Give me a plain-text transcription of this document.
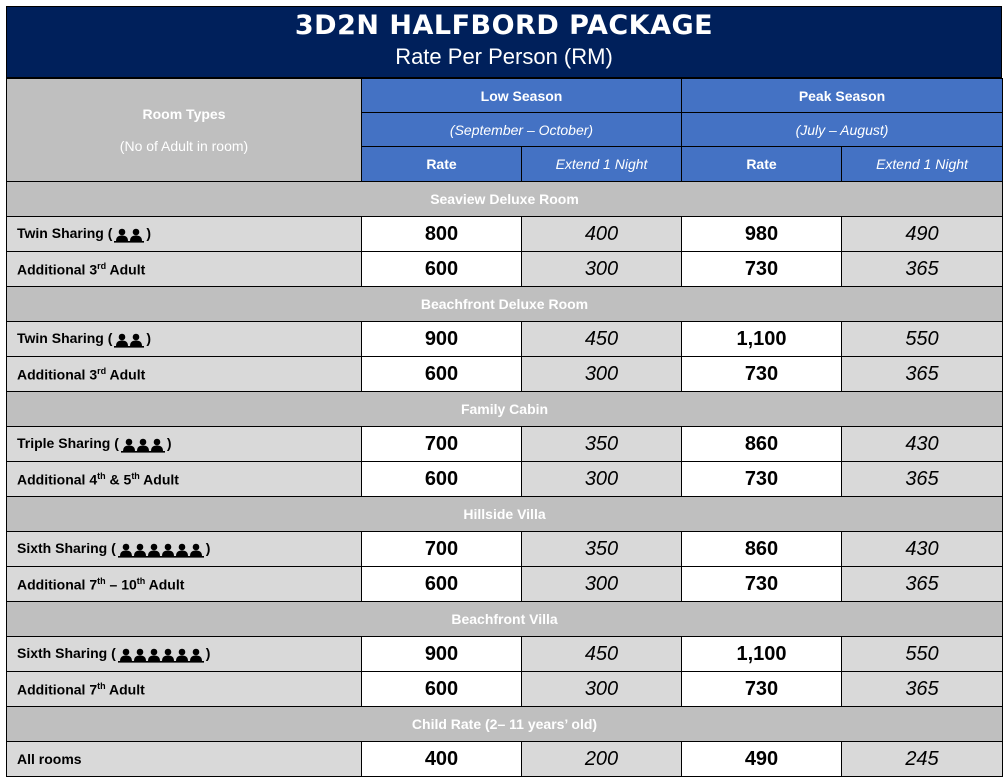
3D2N HALFBORD PACKAGE
Rate Per Person (RM)
Room Types
(No of Adult in room)	Low Season		Peak Season	
	(September – October)		(July – August)	
	Rate	Extend 1 Night	Rate	Extend 1 Night
Seaview Deluxe Room				
Twin Sharing ( )	800	400	980	490
Additional 3rd Adult	600	300	730	365
Beachfront Deluxe Room				
Twin Sharing ( )	900	450	1,100	550
Additional 3rd Adult	600	300	730	365
Family Cabin				
Triple Sharing ( )	700	350	860	430
Additional 4th & 5th Adult	600	300	730	365
Hillside Villa				
Sixth Sharing ( )	700	350	860	430
Additional 7th – 10th Adult	600	300	730	365
Beachfront Villa				
Sixth Sharing ( )	900	450	1,100	550
Additional 7th Adult	600	300	730	365
Child Rate (2– 11 years’ old)				
All rooms	400	200	490	245
